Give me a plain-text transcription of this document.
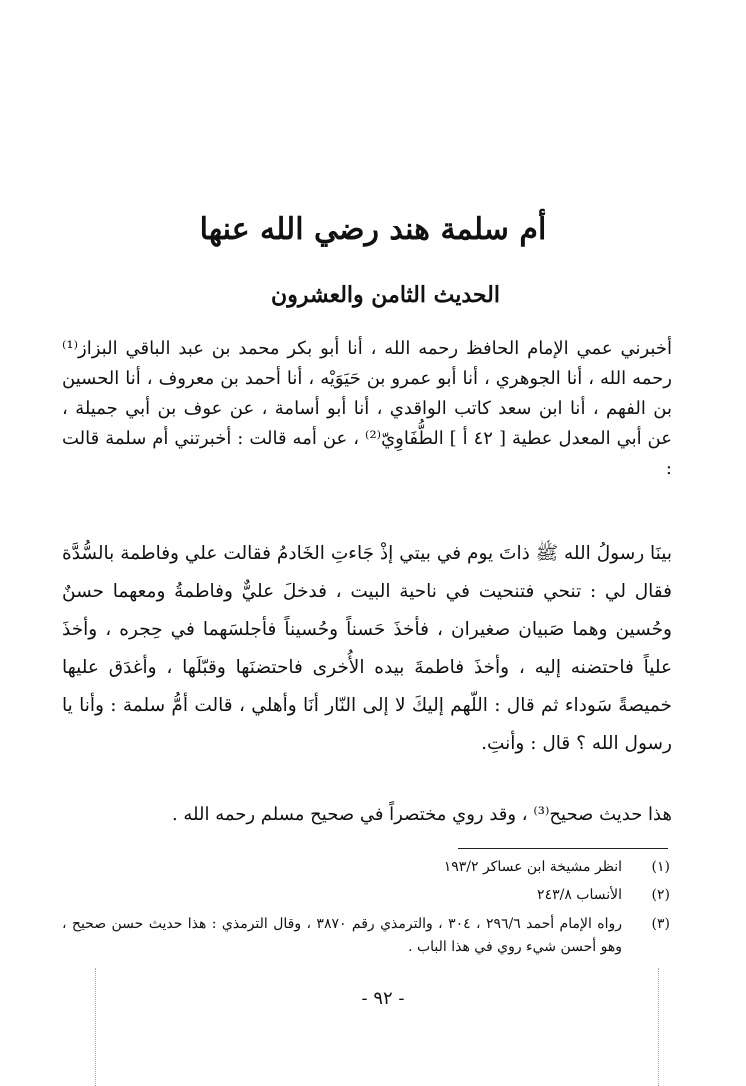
أم سلمة هند رضي الله عنها
الحديث الثامن والعشرون

أخبرني عمي الإمام الحافظ رحمه الله ، أنا أبو بكر محمد بن عبد الباقي البزاز⁽¹⁾ رحمه الله ، أنا الجوهري ، أنا أبو عمرو بن حَيَوَيْه ، أنا أحمد بن معروف ، أنا الحسين بن الفهم ، أنا ابن سعد كاتب الواقدي ، أنا أبو أسامة ، عن عوف بن أبي جميلة ، عن أبي المعدل عطية [ ٤٢ أ ] الطُّفَاوِيّ⁽²⁾ ، عن أمه قالت : أخبرتني أم سلمة قالت :

بينَا رسولُ الله ﷺ ذاتَ يوم في بيتي إذْ جَاءتِ الخَادمُ فقالت علي وفاطمة بالسُّدَّة فقال لي : تنحي فتنحيت في ناحية البيت ، فدخلَ عليٌّ وفاطمةُ ومعهما حسنٌ وحُسين وهما صَبيان صغيران ، فأخذَ حَسناً وحُسيناً فأجلسَهما في حِجره ، وأخذَ علياً فاحتضنه إليه ، وأخذَ فاطمةَ بيده الأُخرى فاحتضنَها وقبّلَها ، وأغدَق عليها خميصةً سَوداء ثم قال : اللّهم إليكَ لا إلى النّار أنَا وأهلي ، قالت أمُّ سلمة : وأنا يا رسول الله ؟ قال : وأنتِ.

هذا حديث صحيح⁽³⁾ ، وقد روي مختصراً في صحيح مسلم رحمه الله .

(١)
انظر مشيخة ابن عساكر ١٩٣/٢
(٢)
الأنساب ٢٤٣/٨
(٣)
رواه الإمام أحمد ٢٩٦/٦ ، ٣٠٤ ، والترمذي رقم ٣٨٧٠ ، وقال الترمذي : هذا حديث حسن صحيح ، وهو أحسن شيء روي في هذا الباب .

- ٩٢ -
